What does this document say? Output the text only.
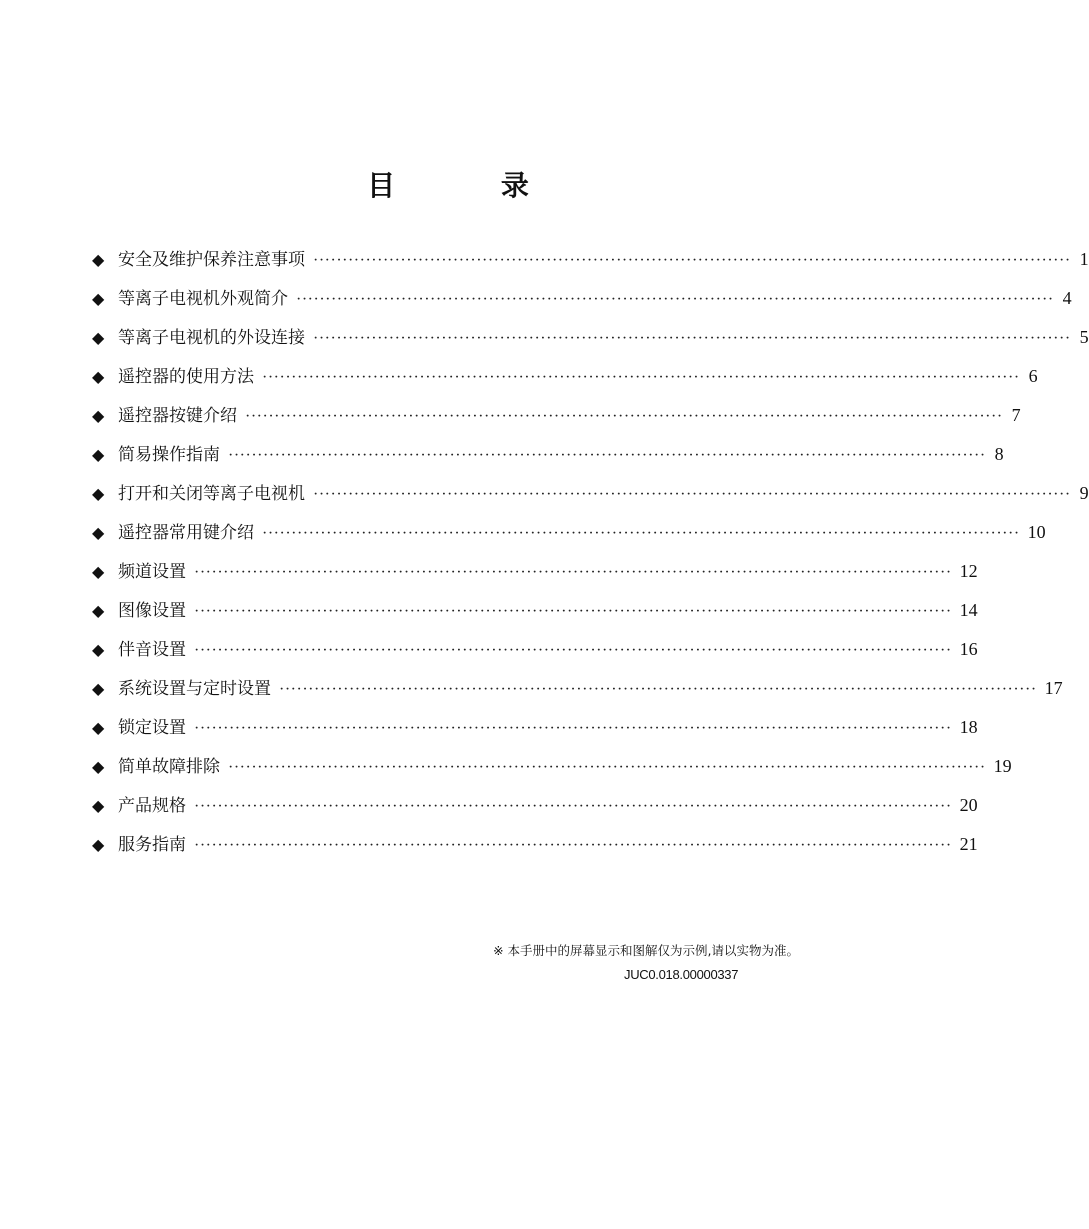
目 录
◆ 安全及维护保养注意事项 ·································································································································· 1
◆ 等离子电视机外观简介 ·································································································································· 4
◆ 等离子电视机的外设连接 ·································································································································· 5
◆ 遥控器的使用方法 ·································································································································· 6
◆ 遥控器按键介绍 ·································································································································· 7
◆ 简易操作指南 ·································································································································· 8
◆ 打开和关闭等离子电视机 ·································································································································· 9
◆ 遥控器常用键介绍 ·································································································································· 10
◆ 频道设置 ·································································································································· 12
◆ 图像设置 ·································································································································· 14
◆ 伴音设置 ·································································································································· 16
◆ 系统设置与定时设置 ·································································································································· 17
◆ 锁定设置 ·································································································································· 18
◆ 简单故障排除 ·································································································································· 19
◆ 产品规格 ·································································································································· 20
◆ 服务指南 ·································································································································· 21
※ 本手册中的屏幕显示和图解仅为示例,请以实物为准。
JUC0.018.00000337
